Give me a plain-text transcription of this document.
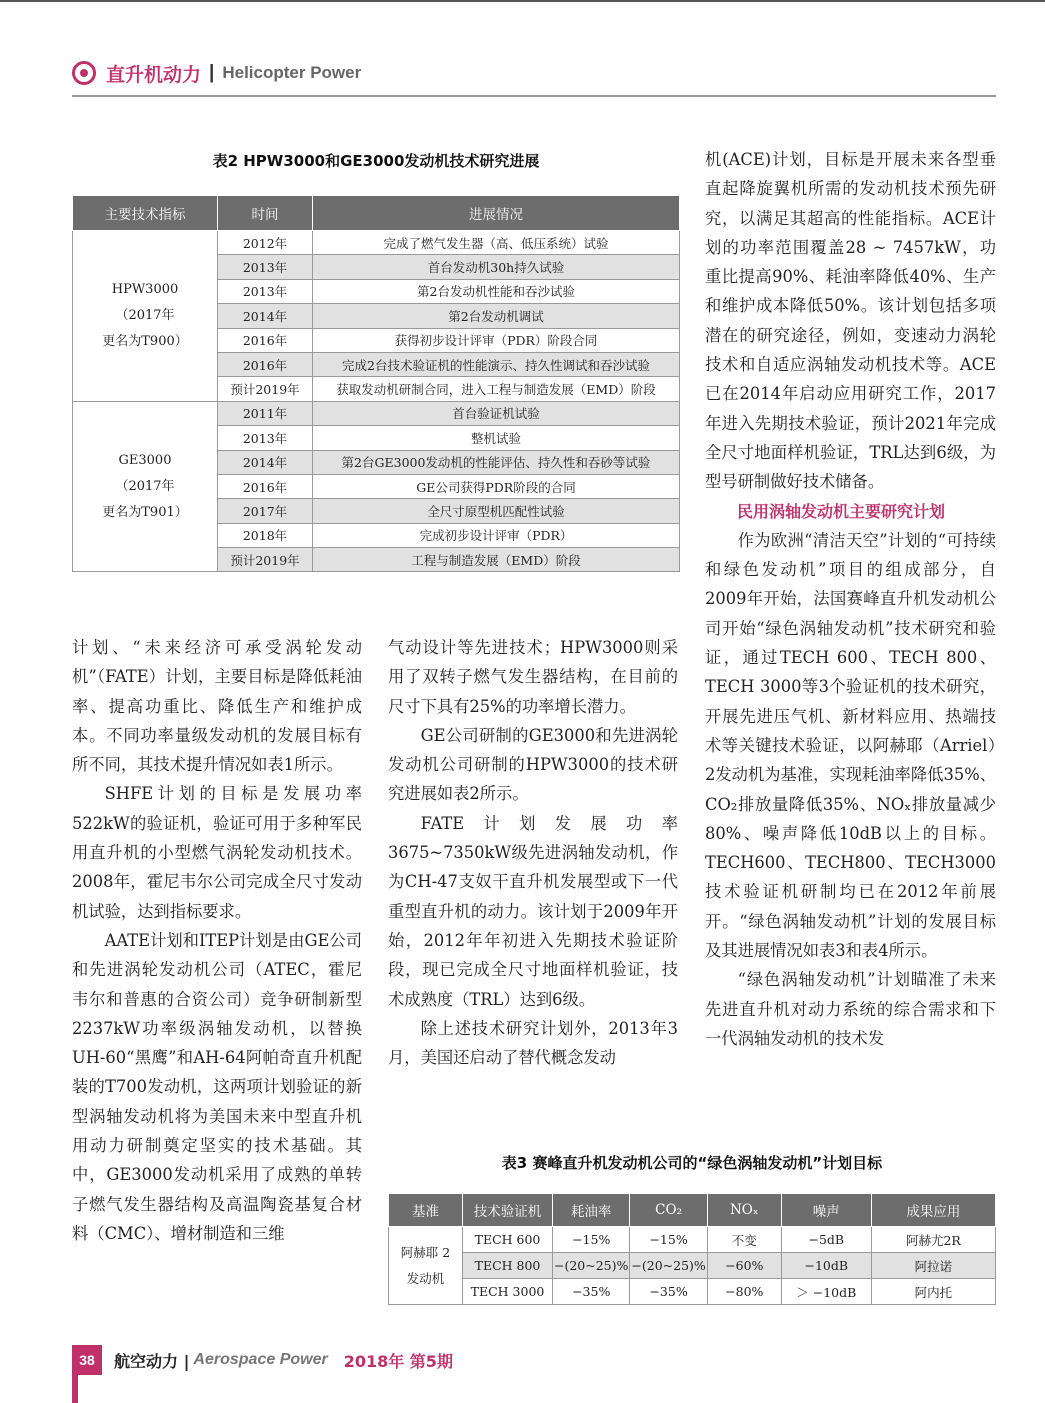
直升机动力 | Helicopter Power
表2 HPW3000和GE3000发动机技术研究进展
主要技术指标	时间	进展情况

HPW3000
（2017年
更名为T900）	2012年	完成了燃气发生器（高、低压系统）试验
	2013年	首台发动机30h持久试验
	2013年	第2台发动机性能和吞沙试验
	2014年	第2台发动机调试
	2016年	获得初步设计评审（PDR）阶段合同
	2016年	完成2台技术验证机的性能演示、持久性调试和吞沙试验
	预计2019年	获取发动机研制合同，进入工程与制造发展（EMD）阶段

GE3000
（2017年
更名为T901）	2011年	首台验证机试验
	2013年	整机试验
	2014年	第2台GE3000发动机的性能评估、持久性和吞砂等试验
	2016年	GE公司获得PDR阶段的合同
	2017年	全尺寸原型机匹配性试验
	2018年	完成初步设计评审（PDR）
	预计2019年	工程与制造发展（EMD）阶段

计划、“未来经济可承受涡轮发动机”（FATE）计划，主要目标是降低耗油率、提高功重比、降低生产和维护成本。不同功率量级发动机的发展目标有所不同，其技术提升情况如表1所示。

SHFE计划的目标是发展功率522kW的验证机，验证可用于多种军民用直升机的小型燃气涡轮发动机技术。2008年，霍尼韦尔公司完成全尺寸发动机试验，达到指标要求。

AATE计划和ITEP计划是由GE公司和先进涡轮发动机公司（ATEC，霍尼韦尔和普惠的合资公司）竞争研制新型2237kW功率级涡轴发动机，以替换UH-60“黑鹰”和AH-64阿帕奇直升机配装的T700发动机，这两项计划验证的新型涡轴发动机将为美国未来中型直升机用动力研制奠定坚实的技术基础。其中，GE3000发动机采用了成熟的单转子燃气发生器结构及高温陶瓷基复合材料（CMC）、增材制造和三维

气动设计等先进技术；HPW3000则采用了双转子燃气发生器结构，在目前的尺寸下具有25%的功率增长潜力。

GE公司研制的GE3000和先进涡轮发动机公司研制的HPW3000的技术研究进展如表2所示。

FATE计划发展功率3675~7350kW级先进涡轴发动机，作为CH-47支奴干直升机发展型或下一代重型直升机的动力。该计划于2009年开始，2012年年初进入先期技术验证阶段，现已完成全尺寸地面样机验证，技术成熟度（TRL）达到6级。

除上述技术研究计划外，2013年3月，美国还启动了替代概念发动

机(ACE)计划，目标是开展未来各型垂直起降旋翼机所需的发动机技术预先研究，以满足其超高的性能指标。ACE计划的功率范围覆盖28 ~ 7457kW，功重比提高90%、耗油率降低40%、生产和维护成本降低50%。该计划包括多项潜在的研究途径，例如，变速动力涡轮技术和自适应涡轴发动机技术等。ACE已在2014年启动应用研究工作，2017年进入先期技术验证，预计2021年完成全尺寸地面样机验证，TRL达到6级，为型号研制做好技术储备。

民用涡轴发动机主要研究计划

作为欧洲“清洁天空”计划的“可持续和绿色发动机”项目的组成部分，自2009年开始，法国赛峰直升机发动机公司开始“绿色涡轴发动机”技术研究和验证，通过TECH 600、TECH 800、TECH 3000等3个验证机的技术研究，开展先进压气机、新材料应用、热端技术等关键技术验证，以阿赫耶（Arriel）2发动机为基准，实现耗油率降低35%、CO₂排放量降低35%、NOₓ排放量减少80%、噪声降低10dB以上的目标。TECH600、TECH800、TECH3000技术验证机研制均已在2012年前展开。“绿色涡轴发动机”计划的发展目标及其进展情况如表3和表4所示。

“绿色涡轴发动机”计划瞄准了未来先进直升机对动力系统的综合需求和下一代涡轴发动机的技术发

表3 赛峰直升机发动机公司的“绿色涡轴发动机”计划目标
基准	技术验证机	耗油率	CO₂	NOₓ	噪声	成果应用

阿赫耶 2
发动机	TECH 600	−15%	−15%	不变	−5dB	阿赫尤2R
	TECH 800	−(20~25)%	−(20~25)%	−60%	−10dB	阿拉诺
	TECH 3000	−35%	−35%	−80%	＞ −10dB	阿内托
38	航空动力 | Aerospace Power 2018年 第5期
